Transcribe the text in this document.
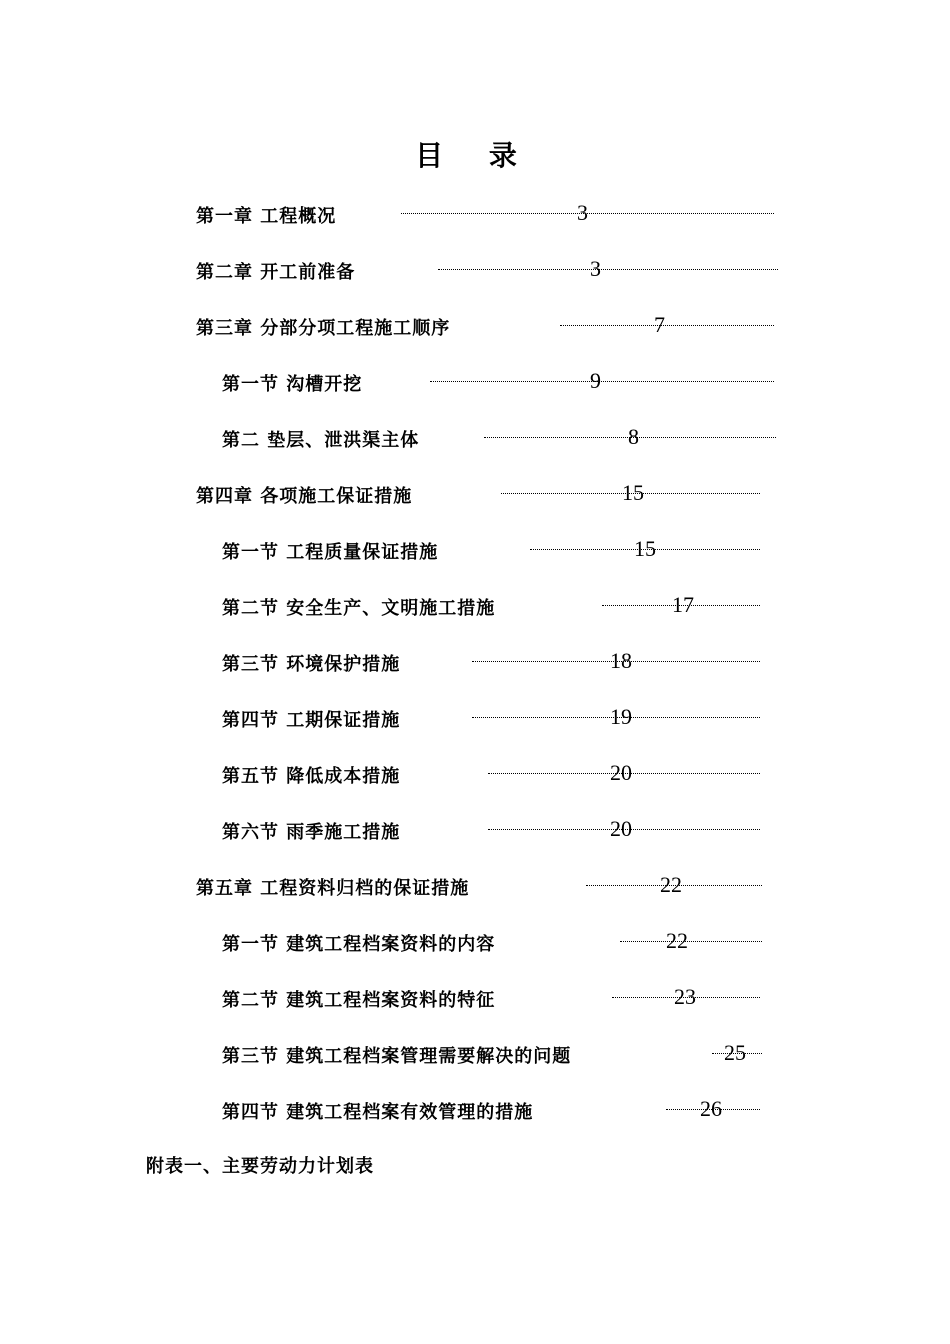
目 录
第一章 工程概况	3
第二章 开工前准备	3
第三章 分部分项工程施工顺序	7
第一节 沟槽开挖	9
第二 垫层、泄洪渠主体	8
第四章 各项施工保证措施	15
第一节 工程质量保证措施	15
第二节 安全生产、文明施工措施	17
第三节 环境保护措施	18
第四节 工期保证措施	19
第五节 降低成本措施	20
第六节 雨季施工措施	20
第五章 工程资料归档的保证措施	22
第一节 建筑工程档案资料的内容	22
第二节 建筑工程档案资料的特征	23
第三节 建筑工程档案管理需要解决的问题	25
第四节 建筑工程档案有效管理的措施	26
附表一、主要劳动力计划表
